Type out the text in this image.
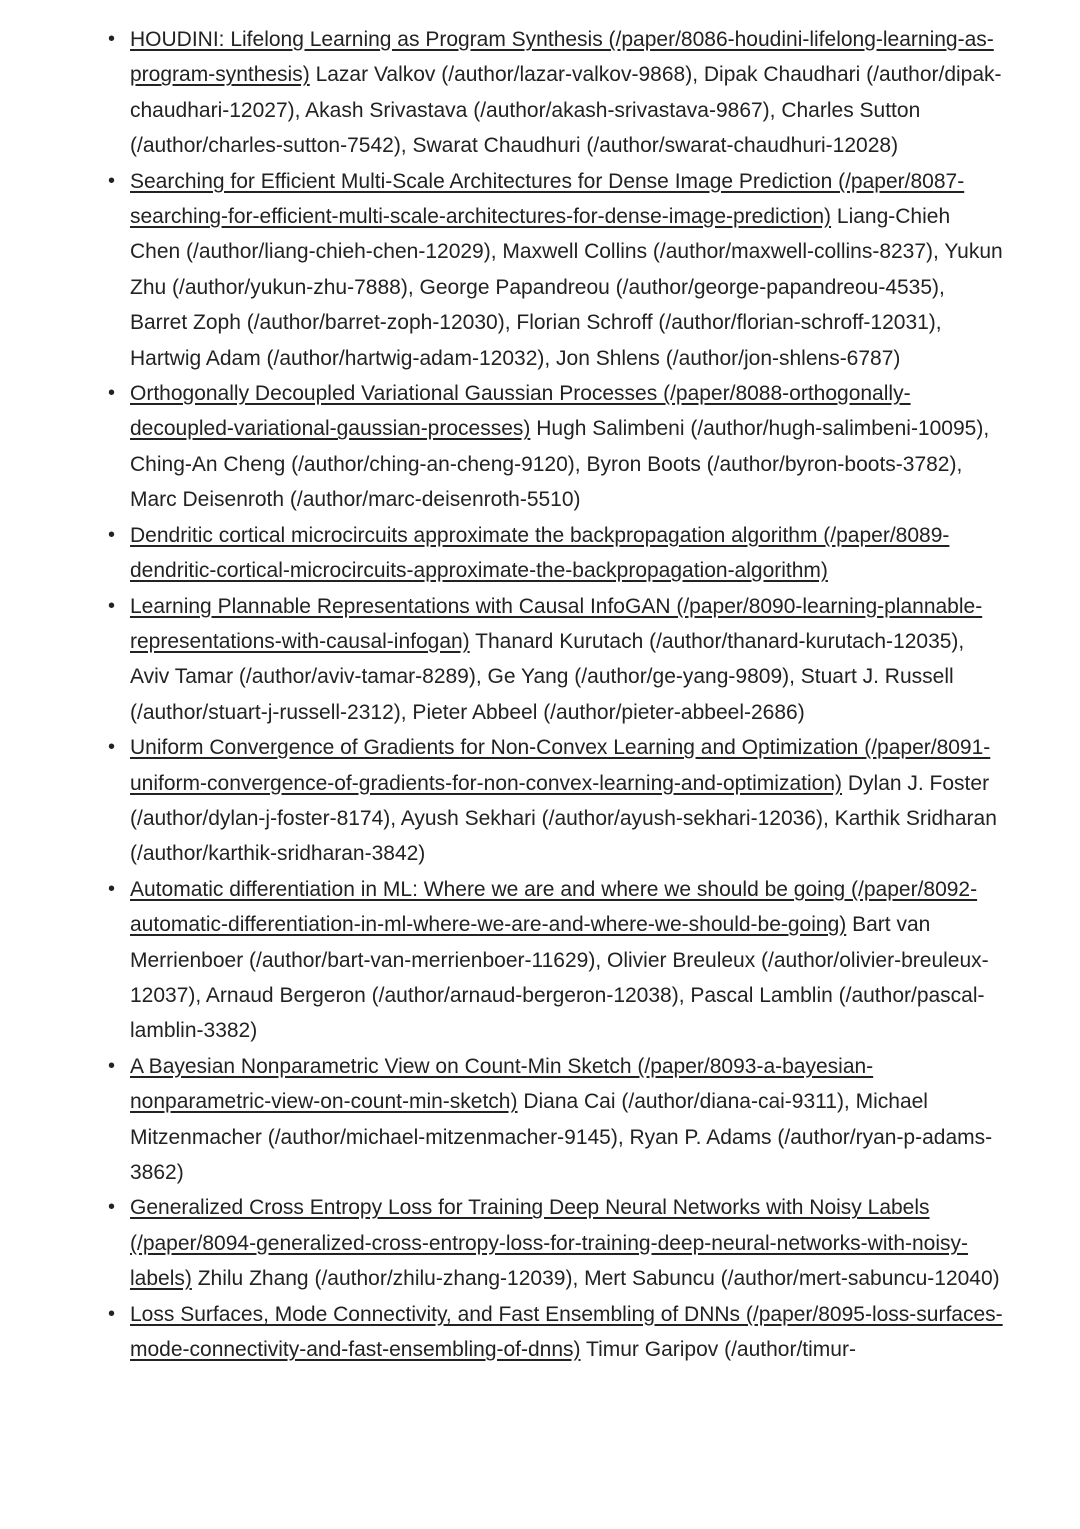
• HOUDINI: Lifelong Learning as Program Synthesis (/paper/8086-houdini-lifelong-learning-as-program-synthesis) Lazar Valkov (/author/lazar-valkov-9868), Dipak Chaudhari (/author/dipak-chaudhari-12027), Akash Srivastava (/author/akash-srivastava-9867), Charles Sutton (/author/charles-sutton-7542), Swarat Chaudhuri (/author/swarat-chaudhuri-12028)
• Searching for Efficient Multi-Scale Architectures for Dense Image Prediction (/paper/8087-searching-for-efficient-multi-scale-architectures-for-dense-image-prediction) Liang-Chieh Chen (/author/liang-chieh-chen-12029), Maxwell Collins (/author/maxwell-collins-8237), Yukun Zhu (/author/yukun-zhu-7888), George Papandreou (/author/george-papandreou-4535), Barret Zoph (/author/barret-zoph-12030), Florian Schroff (/author/florian-schroff-12031), Hartwig Adam (/author/hartwig-adam-12032), Jon Shlens (/author/jon-shlens-6787)
• Orthogonally Decoupled Variational Gaussian Processes (/paper/8088-orthogonally-decoupled-variational-gaussian-processes) Hugh Salimbeni (/author/hugh-salimbeni-10095), Ching-An Cheng (/author/ching-an-cheng-9120), Byron Boots (/author/byron-boots-3782), Marc Deisenroth (/author/marc-deisenroth-5510)
• Dendritic cortical microcircuits approximate the backpropagation algorithm (/paper/8089-dendritic-cortical-microcircuits-approximate-the-backpropagation-algorithm)
• Learning Plannable Representations with Causal InfoGAN (/paper/8090-learning-plannable-representations-with-causal-infogan) Thanard Kurutach (/author/thanard-kurutach-12035), Aviv Tamar (/author/aviv-tamar-8289), Ge Yang (/author/ge-yang-9809), Stuart J. Russell (/author/stuart-j-russell-2312), Pieter Abbeel (/author/pieter-abbeel-2686)
• Uniform Convergence of Gradients for Non-Convex Learning and Optimization (/paper/8091-uniform-convergence-of-gradients-for-non-convex-learning-and-optimization) Dylan J. Foster (/author/dylan-j-foster-8174), Ayush Sekhari (/author/ayush-sekhari-12036), Karthik Sridharan (/author/karthik-sridharan-3842)
• Automatic differentiation in ML: Where we are and where we should be going (/paper/8092-automatic-differentiation-in-ml-where-we-are-and-where-we-should-be-going) Bart van Merrienboer (/author/bart-van-merrienboer-11629), Olivier Breuleux (/author/olivier-breuleux-12037), Arnaud Bergeron (/author/arnaud-bergeron-12038), Pascal Lamblin (/author/pascal-lamblin-3382)
• A Bayesian Nonparametric View on Count-Min Sketch (/paper/8093-a-bayesian-nonparametric-view-on-count-min-sketch) Diana Cai (/author/diana-cai-9311), Michael Mitzenmacher (/author/michael-mitzenmacher-9145), Ryan P. Adams (/author/ryan-p-adams-3862)
• Generalized Cross Entropy Loss for Training Deep Neural Networks with Noisy Labels (/paper/8094-generalized-cross-entropy-loss-for-training-deep-neural-networks-with-noisy-labels) Zhilu Zhang (/author/zhilu-zhang-12039), Mert Sabuncu (/author/mert-sabuncu-12040)
• Loss Surfaces, Mode Connectivity, and Fast Ensembling of DNNs (/paper/8095-loss-surfaces-mode-connectivity-and-fast-ensembling-of-dnns) Timur Garipov (/author/timur-
